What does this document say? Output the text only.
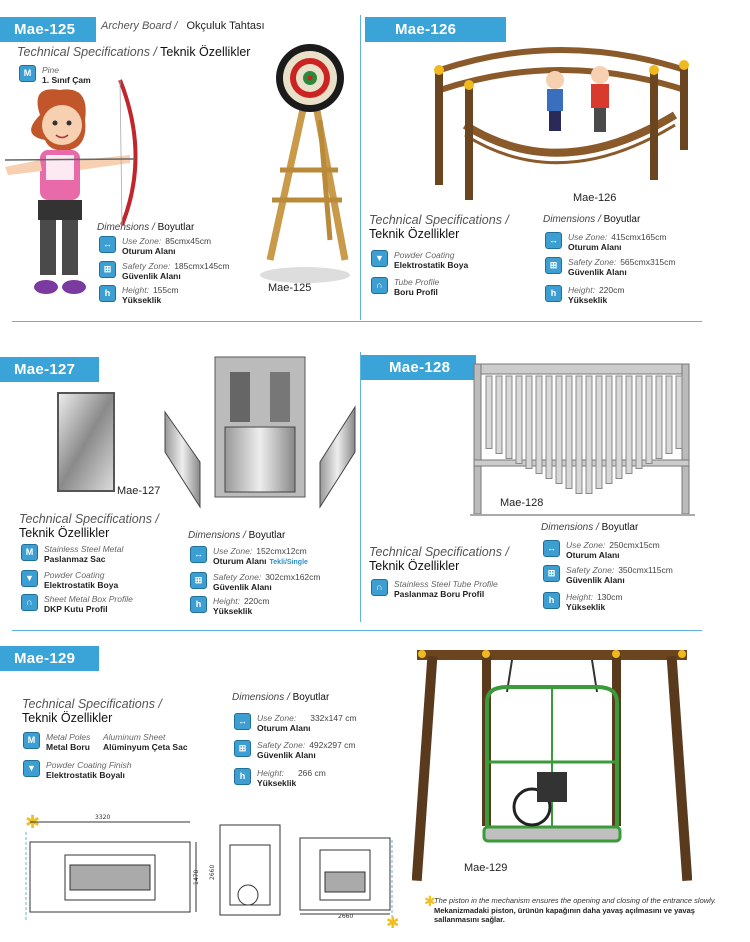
Mae-125	Archery Board / Okçuluk Tahtası
Technical Specifications / Teknik Özellikler
M	Pine
1. Sınıf Çam
Dimensions / Boyutlar
↔	Use Zone: 85cmx45cm
Oturum Alanı
⊞	Safety Zone: 185cmx145cm
Güvenlik Alanı
h	Height: 155cm
Yükseklik
Mae-125
Mae-126
Mae-126
Technical Specifications /
Teknik Özellikler
▼	Powder Coating
Elektrostatik Boya
∩	Tube Profile
Boru Profil
Dimensions / Boyutlar
↔	Use Zone: 415cmx165cm
Oturum Alanı
⊞	Safety Zone: 565cmx315cm
Güvenlik Alanı
h	Height: 220cm
Yükseklik
Mae-127
Mae-127
Technical Specifications /
Teknik Özellikler
M	Stainless Steel Metal
Paslanmaz Sac
▼	Powder Coating
Elektrostatik Boya
∩	Sheet Metal Box Profile
DKP Kutu Profil
Dimensions / Boyutlar
↔	Use Zone: 152cmx12cm
Oturum Alanı Tekli/Single
⊞	Safety Zone: 302cmx162cm
Güvenlik Alanı
h	Height: 220cm
Yükseklik
Mae-128
Mae-128
Technical Specifications /
Teknik Özellikler
∩	Stainless Steel Tube Profile
Paslanmaz Boru Profil
Dimensions / Boyutlar
↔	Use Zone: 250cmx15cm
Oturum Alanı
⊞	Safety Zone: 350cmx115cm
Güvenlik Alanı
h	Height: 130cm
Yükseklik
Mae-129
Technical Specifications /
Teknik Özellikler
M	Metal Poles
Metal Boru
Aluminum Sheet
Alüminyum Çeta Sac
▼	Powder Coating Finish
Elektrostatik Boyalı
Dimensions / Boyutlar
↔	Use Zone: 332x147 cm
Oturum Alanı
⊞	Safety Zone: 492x297 cm
Güvenlik Alanı
h	Height: 266 cm
Yükseklik
Mae-129
✱	3320
1470 2660
2660 ✱
✱
The piston in the mechanism ensures the opening and closing of the entrance slowly.
Mekanizmadaki piston, ürünün kapağının daha yavaş açılmasını ve yavaş sallanmasını sağlar.
